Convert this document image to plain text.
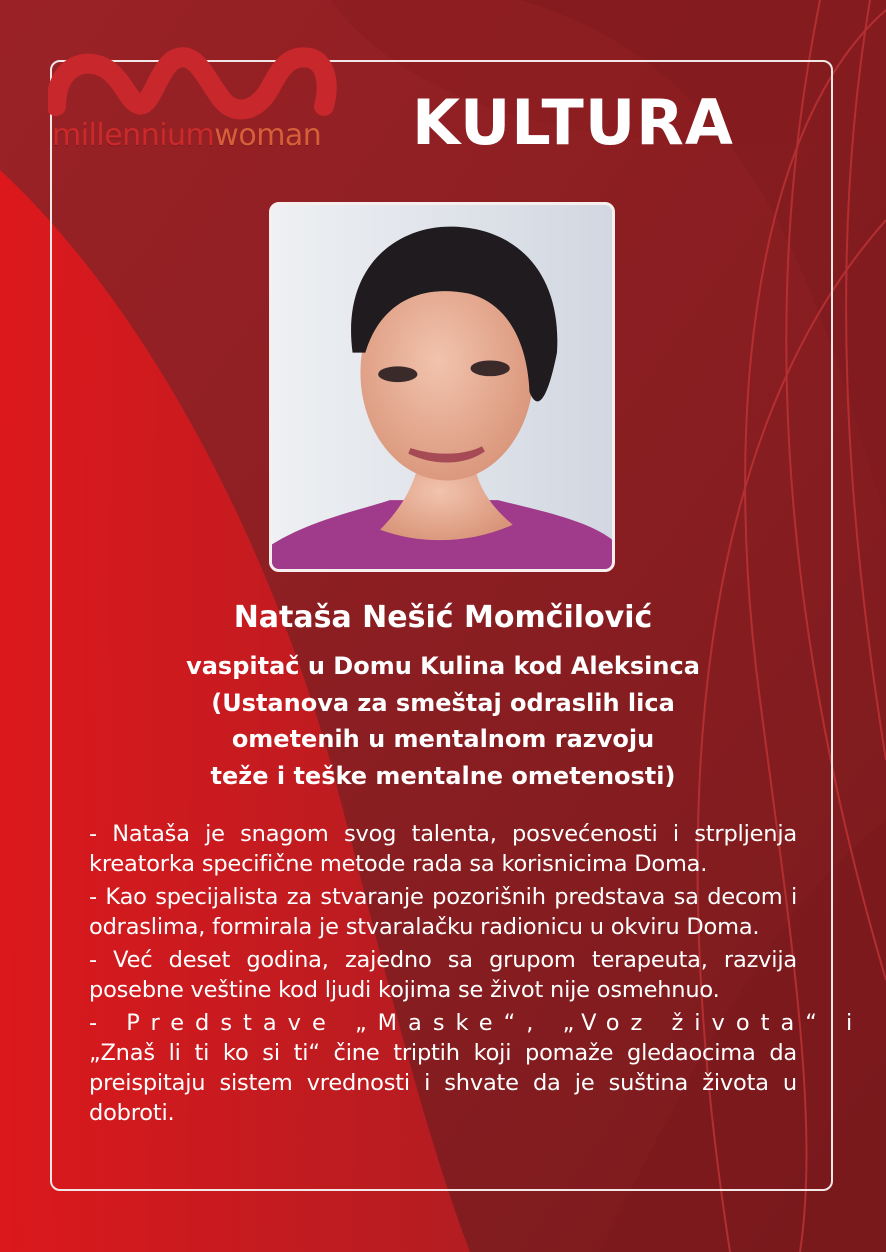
millenniumwoman KULTURA
Nataša Nešić Momčilović
vaspitač u Domu Kulina kod Aleksinca
(Ustanova za smeštaj odraslih lica
ometenih u mentalnom razvoju
teže i teške mentalne ometenosti)

- Nataša je snagom svog talenta, posvećenosti i strpljenja kreatorka specifične metode rada sa korisnicima Doma.

- Kao specijalista za stvaranje pozorišnih predstava sa decom i odraslima, formirala je stvaralačku radionicu u okviru Doma.

- Već deset godina, zajedno sa grupom terapeuta, razvija posebne veštine kod ljudi kojima se život nije osmehnuo.

- Predstave „Maske“, „Voz života“ i
„Znaš li ti ko si ti“ čine triptih koji pomaže gledaocima da preispitaju sistem vrednosti i shvate da je suština života u dobroti.
